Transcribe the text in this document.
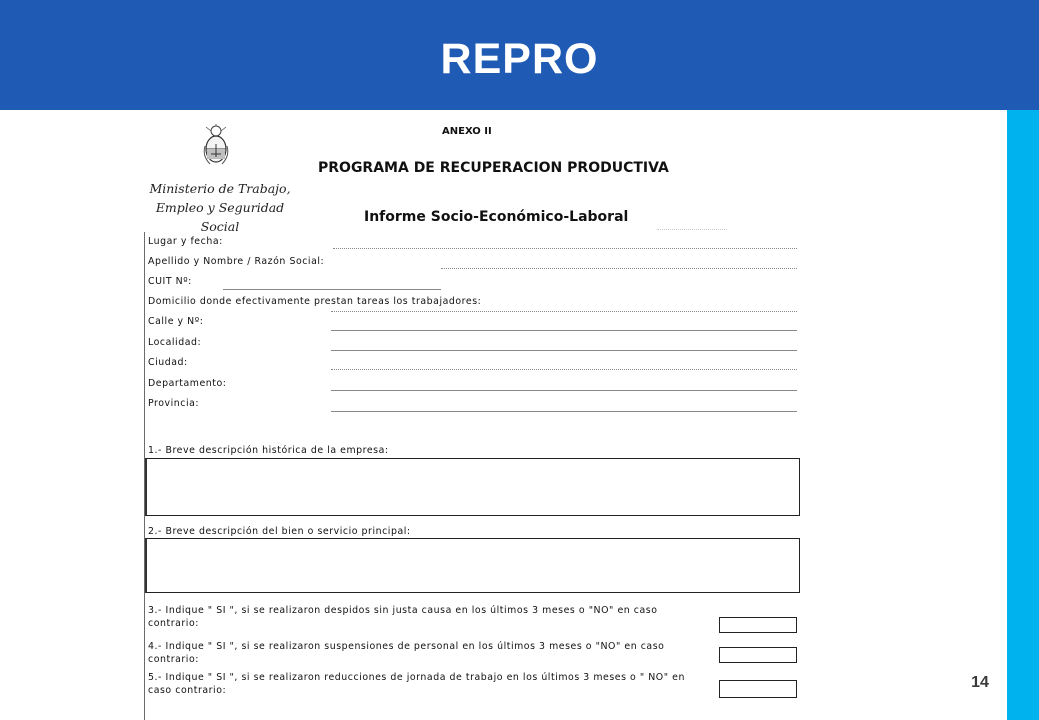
REPRO
14
Ministerio de Trabajo,
Empleo y Seguridad Social
ANEXO II
PROGRAMA DE RECUPERACION PRODUCTIVA
Informe Socio-Económico-Laboral
Lugar y fecha:
Apellido y Nombre / Razón Social:
CUIT Nº:
Domicilio donde efectivamente prestan tareas los trabajadores:
Calle y Nº:
Localidad:
Ciudad:
Departamento:
Provincia:
1.- Breve descripción histórica de la empresa:
2.- Breve descripción del bien o servicio principal:
3.- Indique " SI ", si se realizaron despidos sin justa causa en los últimos 3 meses o "NO" en caso contrario:
4.- Indique " SI ", si se realizaron suspensiones de personal en los últimos 3 meses o "NO" en caso contrario:
5.- Indique " SI ", si se realizaron reducciones de jornada de trabajo en los últimos 3 meses o " NO" en caso contrario:
